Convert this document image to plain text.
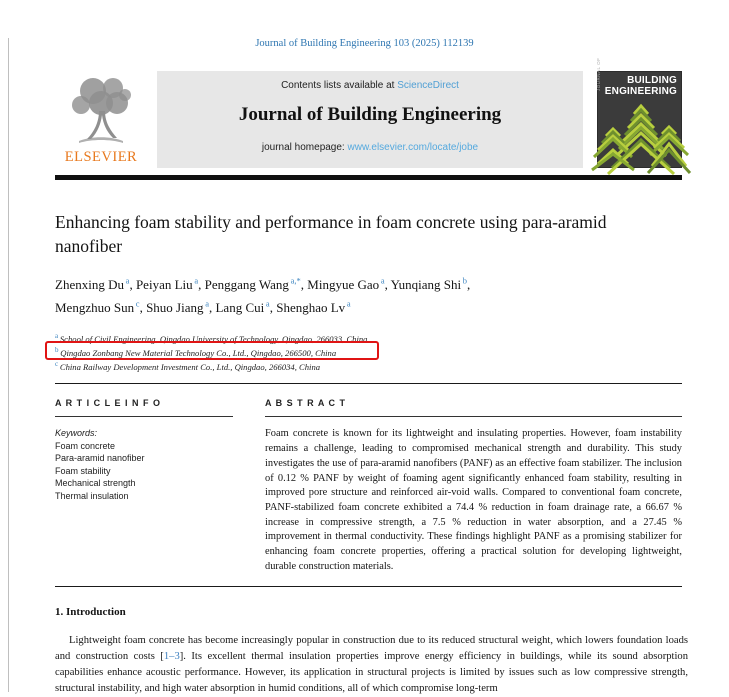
Journal of Building Engineering 103 (2025) 112139
ELSEVIER
Contents lists available at ScienceDirect
Journal of Building Engineering
journal homepage: www.elsevier.com/locate/jobe
JOURNAL OF	BUILDING
ENGINEERING
Enhancing foam stability and performance in foam concrete using para-aramid nanofiber
Zhenxing Du $^a$, Peiyan Liu $^a$, Penggang Wang $^{a,*}$, Mingyue Gao $^a$, Yunqiang Shi $^b$,
Mengzhuo Sun $^c$, Shuo Jiang $^a$, Lang Cui $^a$, Shenghao Lv $^a$
$^a$ School of Civil Engineering, Qingdao University of Technology, Qingdao, 266033, China
$^b$ Qingdao Zonbang New Material Technology Co., Ltd., Qingdao, 266500, China
$^c$ China Railway Development Investment Co., Ltd., Qingdao, 266034, China
A R T I C L E I N F O
Keywords:
Foam concrete
Para-aramid nanofiber
Foam stability
Mechanical strength
Thermal insulation
A B S T R A C T
Foam concrete is known for its lightweight and insulating properties. However, foam instability remains a challenge, leading to compromised mechanical strength and durability. This study investigates the use of para-aramid nanofibers (PANF) as an effective foam stabilizer. The inclusion of 0.12 % PANF by weight of foaming agent significantly enhanced foam stability, resulting in improved pore structure and reinforced air-void walls. Compared to conventional foam concrete, PANF-stabilized foam concrete exhibited a 74.4 % reduction in foam drainage rate, a 66.67 % increase in compressive strength, a 7.5 % reduction in water absorption, and a 27.45 % improvement in thermal conductivity. These findings highlight PANF as a promising stabilizer for enhancing foam concrete properties, offering a practical solution for developing lightweight, durable construction materials.
1. Introduction
Lightweight foam concrete has become increasingly popular in construction due to its reduced structural weight, which lowers foundation loads and construction costs [1–3]. Its excellent thermal insulation properties improve energy efficiency in buildings, while its sound absorption capabilities enhance acoustic performance. However, its application in structural projects is limited by issues such as low compressive strength, structural instability, and high water absorption in humid conditions, all of which compromise long-term
